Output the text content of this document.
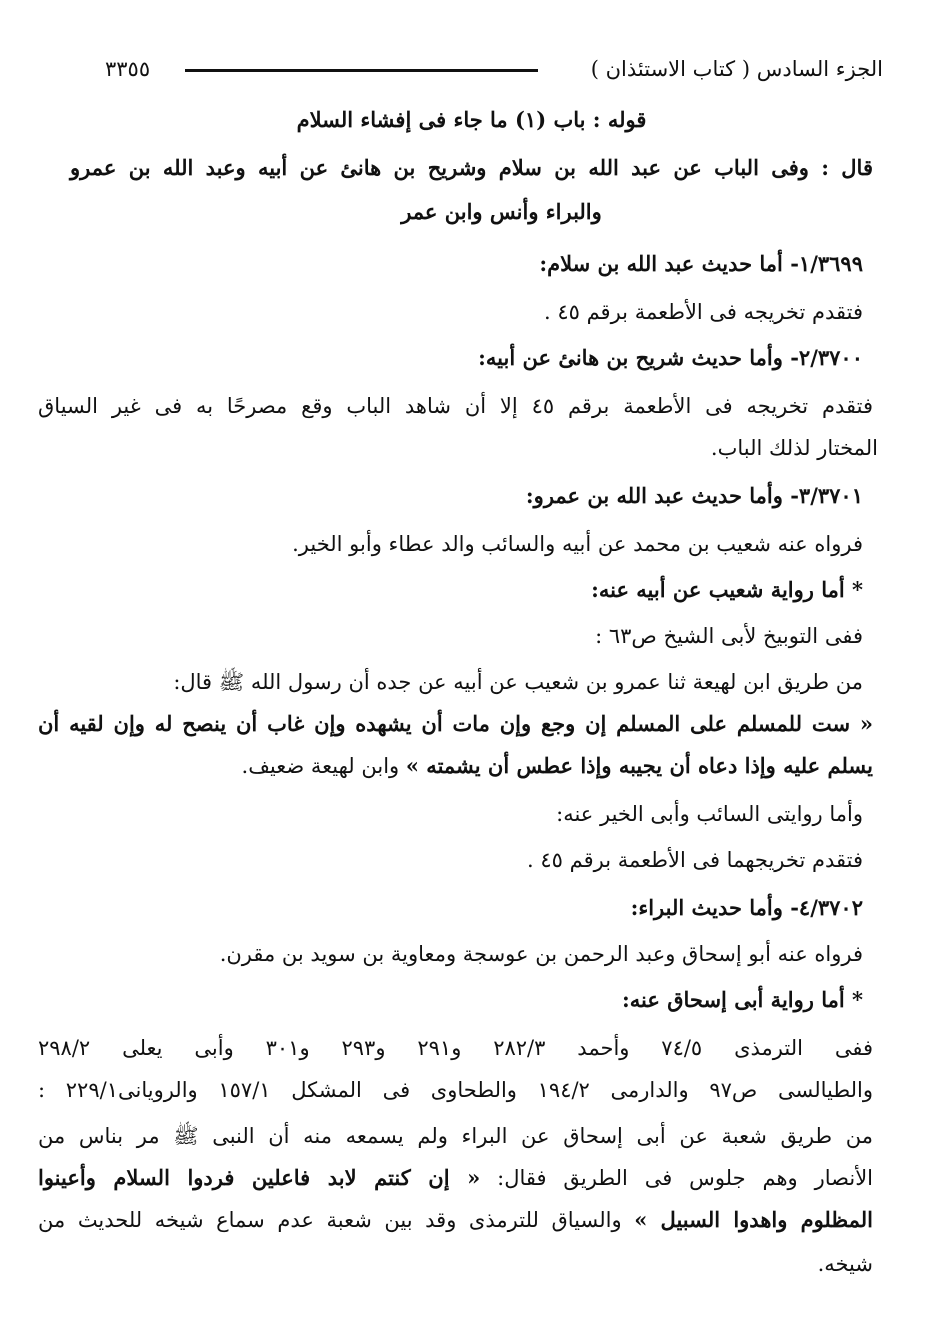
الجزء السادس ( كتاب الاستئذان )
٣٣٥٥
قوله : باب (١) ما جاء فى إفشاء السلام
قال : وفى الباب عن عبد الله بن سلام وشريح بن هانئ عن أبيه وعبد الله بن عمرو
والبراء وأنس وابن عمر
١/٣٦٩٩- أما حديث عبد الله بن سلام:
فتقدم تخريجه فى الأطعمة برقم ٤٥ .
٢/٣٧٠٠- وأما حديث شريح بن هانئ عن أبيه:
فتقدم تخريجه فى الأطعمة برقم ٤٥ إلا أن شاهد الباب وقع مصرحًا به فى غير السياق
المختار لذلك الباب.
٣/٣٧٠١- وأما حديث عبد الله بن عمرو:
فرواه عنه شعيب بن محمد عن أبيه والسائب والد عطاء وأبو الخير.
* أما رواية شعيب عن أبيه عنه:
ففى التوبيخ لأبى الشيخ ص٦٣ :
من طريق ابن لهيعة ثنا عمرو بن شعيب عن أبيه عن جده أن رسول الله ﷺ قال:
« ست للمسلم على المسلم إن وجع وإن مات أن يشهده وإن غاب أن ينصح له وإن لقيه أن
يسلم عليه وإذا دعاه أن يجيبه وإذا عطس أن يشمته » وابن لهيعة ضعيف.
وأما روايتى السائب وأبى الخير عنه:
فتقدم تخريجهما فى الأطعمة برقم ٤٥ .
٤/٣٧٠٢- وأما حديث البراء:
فرواه عنه أبو إسحاق وعبد الرحمن بن عوسجة ومعاوية بن سويد بن مقرن.
* أما رواية أبى إسحاق عنه:
ففى الترمذى ٧٤/٥ وأحمد ٢٨٢/٣ و٢٩١ و٢٩٣ و٣٠١ وأبى يعلى ٢٩٨/٢
والطيالسى ص٩٧ والدارمى ١٩٤/٢ والطحاوى فى المشكل ١٥٧/١ والرويانى٢٢٩/١ :
من طريق شعبة عن أبى إسحاق عن البراء ولم يسمعه منه أن النبى ﷺ مر بناس من
الأنصار وهم جلوس فى الطريق فقال: « إن كنتم لابد فاعلين فردوا السلام وأعينوا
المظلوم واهدوا السبيل » والسياق للترمذى وقد بين شعبة عدم سماع شيخه للحديث من
شيخه.
